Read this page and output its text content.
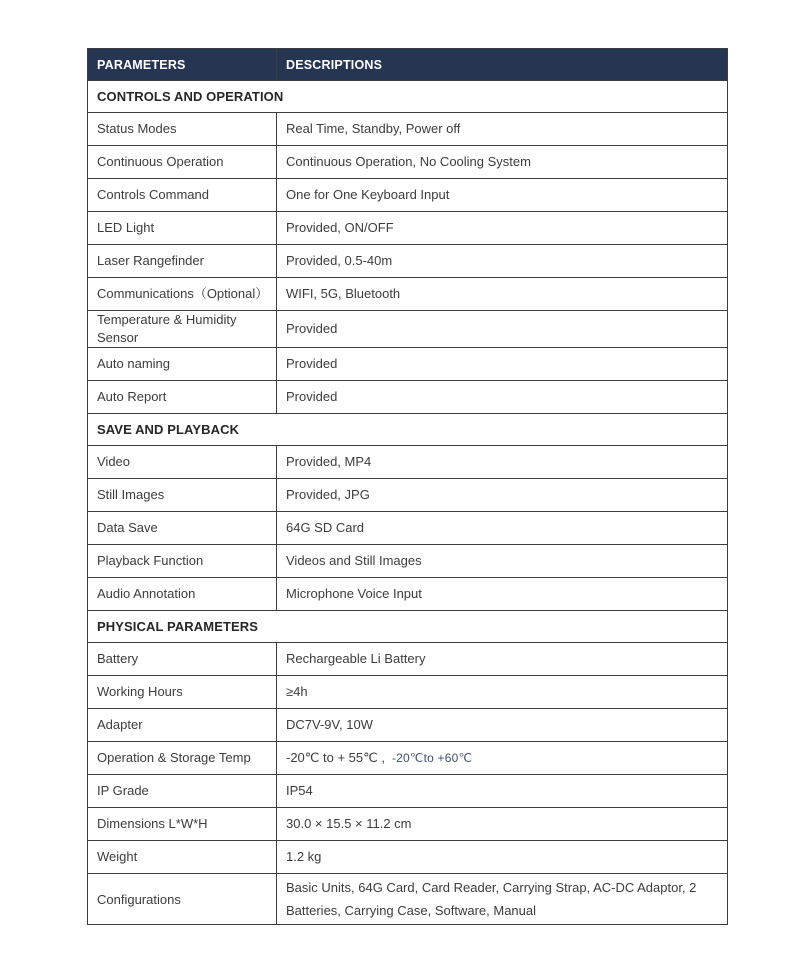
PARAMETERS	DESCRIPTIONS
CONTROLS AND OPERATION	
Status Modes	Real Time, Standby, Power off
Continuous Operation	Continuous Operation, No Cooling System
Controls Command	One for One Keyboard Input
LED Light	Provided, ON/OFF
Laser Rangefinder	Provided, 0.5-40m
Communications（Optional）	WIFI, 5G, Bluetooth
Temperature & Humidity Sensor	Provided
Auto naming	Provided
Auto Report	Provided
SAVE AND PLAYBACK	
Video	Provided, MP4
Still Images	Provided, JPG
Data Save	64G SD Card
Playback Function	Videos and Still Images
Audio Annotation	Microphone Voice Input
PHYSICAL PARAMETERS	
Battery	Rechargeable Li Battery
Working Hours	≥4h
Adapter	DC7V-9V, 10W
Operation & Storage Temp	-20℃ to + 55℃ , -20℃to +60℃
IP Grade	IP54
Dimensions L*W*H	30.0 × 15.5 × 11.2 cm
Weight	1.2 kg
Configurations	Basic Units, 64G Card, Card Reader, Carrying Strap, AC-DC Adaptor, 2 Batteries, Carrying Case, Software, Manual
